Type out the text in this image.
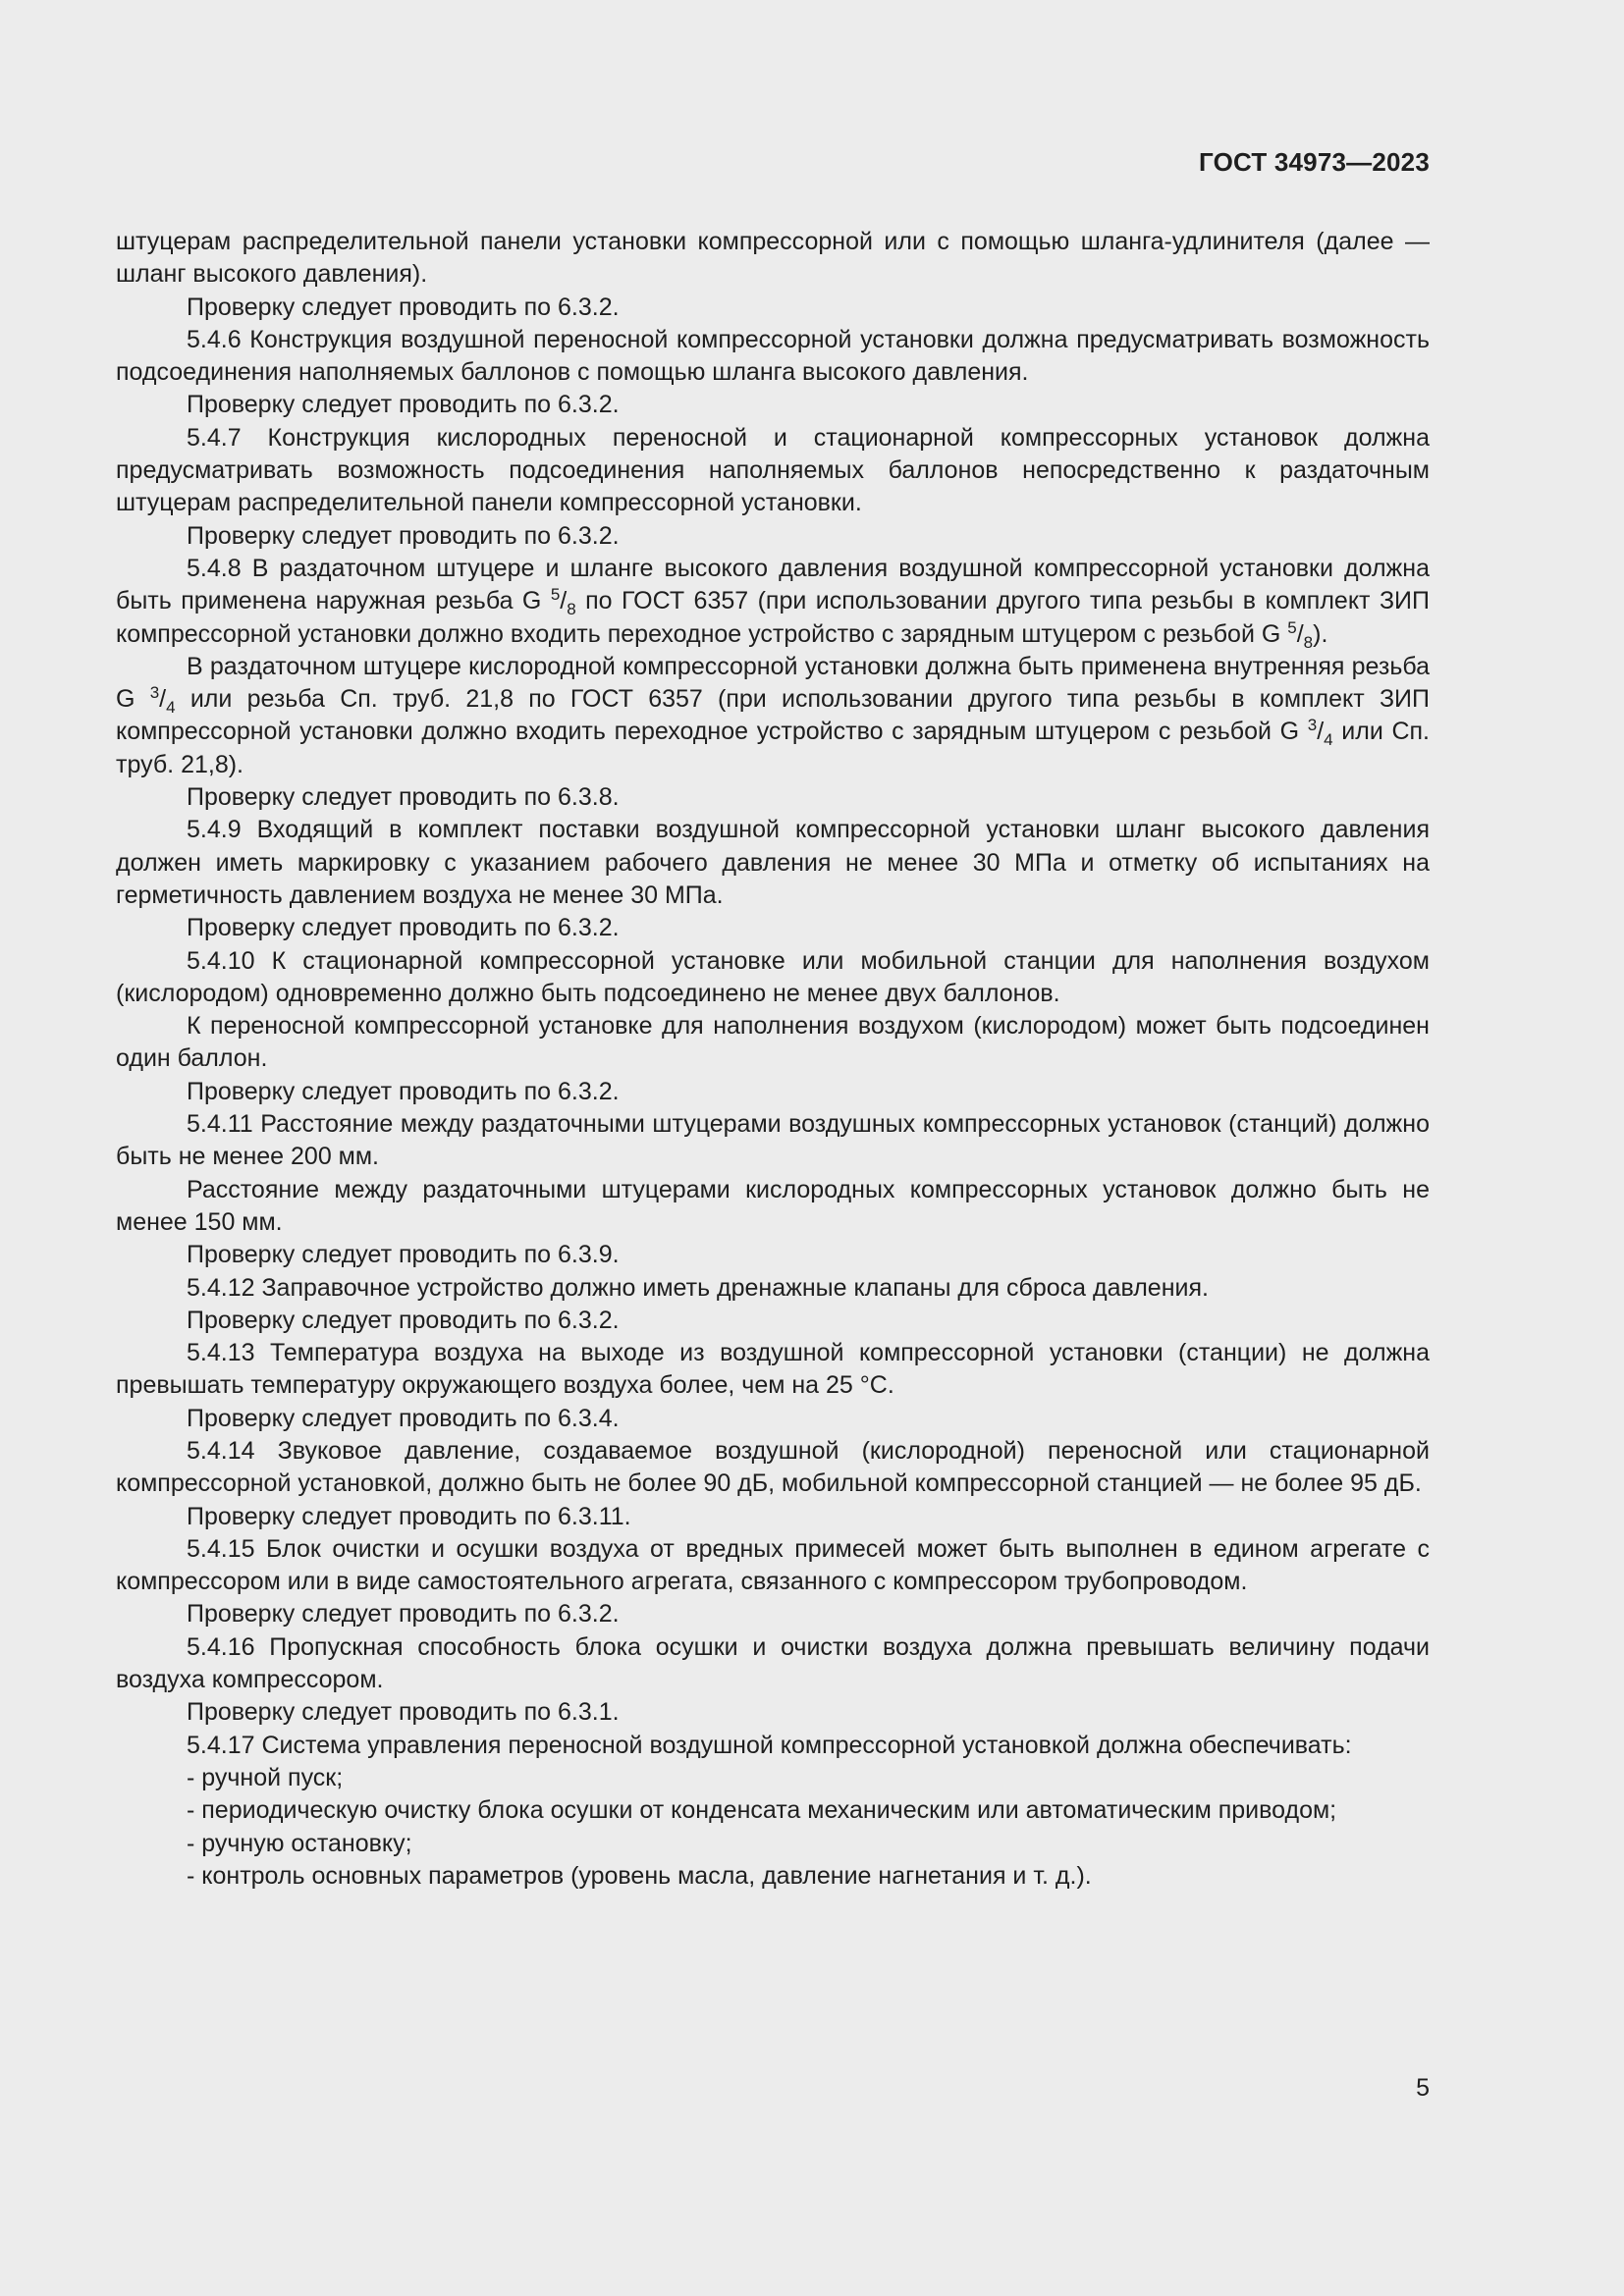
ГОСТ 34973—2023

штуцерам распределительной панели установки компрессорной или с помощью шланга-удлинителя (далее — шланг высокого давления).

Проверку следует проводить по 6.3.2.

5.4.6 Конструкция воздушной переносной компрессорной установки должна предусматривать возможность подсоединения наполняемых баллонов с помощью шланга высокого давления.

Проверку следует проводить по 6.3.2.

5.4.7 Конструкция кислородных переносной и стационарной компрессорных установок должна предусматривать возможность подсоединения наполняемых баллонов непосредственно к раздаточным штуцерам распределительной панели компрессорной установки.

Проверку следует проводить по 6.3.2.

5.4.8 В раздаточном штуцере и шланге высокого давления воздушной компрессорной установки должна быть применена наружная резьба G $^5/_8$ по ГОСТ 6357 (при использовании другого типа резьбы в комплект ЗИП компрессорной установки должно входить переходное устройство с зарядным штуцером с резьбой G $^5/_8$).

В раздаточном штуцере кислородной компрессорной установки должна быть применена внутренняя резьба G $^3/_4$ или резьба Сп. труб. 21,8 по ГОСТ 6357 (при использовании другого типа резьбы в комплект ЗИП компрессорной установки должно входить переходное устройство с зарядным штуцером с резьбой G $^3/_4$ или Сп. труб. 21,8).

Проверку следует проводить по 6.3.8.

5.4.9 Входящий в комплект поставки воздушной компрессорной установки шланг высокого давления должен иметь маркировку с указанием рабочего давления не менее 30 МПа и отметку об испытаниях на герметичность давлением воздуха не менее 30 МПа.

Проверку следует проводить по 6.3.2.

5.4.10 К стационарной компрессорной установке или мобильной станции для наполнения воздухом (кислородом) одновременно должно быть подсоединено не менее двух баллонов.

К переносной компрессорной установке для наполнения воздухом (кислородом) может быть подсоединен один баллон.

Проверку следует проводить по 6.3.2.

5.4.11 Расстояние между раздаточными штуцерами воздушных компрессорных установок (станций) должно быть не менее 200 мм.

Расстояние между раздаточными штуцерами кислородных компрессорных установок должно быть не менее 150 мм.

Проверку следует проводить по 6.3.9.

5.4.12 Заправочное устройство должно иметь дренажные клапаны для сброса давления.

Проверку следует проводить по 6.3.2.

5.4.13 Температура воздуха на выходе из воздушной компрессорной установки (станции) не должна превышать температуру окружающего воздуха более, чем на 25 °С.

Проверку следует проводить по 6.3.4.

5.4.14 Звуковое давление, создаваемое воздушной (кислородной) переносной или стационарной компрессорной установкой, должно быть не более 90 дБ, мобильной компрессорной станцией — не более 95 дБ.

Проверку следует проводить по 6.3.11.

5.4.15 Блок очистки и осушки воздуха от вредных примесей может быть выполнен в едином агрегате с компрессором или в виде самостоятельного агрегата, связанного с компрессором трубопроводом.

Проверку следует проводить по 6.3.2.

5.4.16 Пропускная способность блока осушки и очистки воздуха должна превышать величину подачи воздуха компрессором.

Проверку следует проводить по 6.3.1.

5.4.17 Система управления переносной воздушной компрессорной установкой должна обеспечивать:

- ручной пуск;

- периодическую очистку блока осушки от конденсата механическим или автоматическим приводом;

- ручную остановку;

- контроль основных параметров (уровень масла, давление нагнетания и т. д.).

5
